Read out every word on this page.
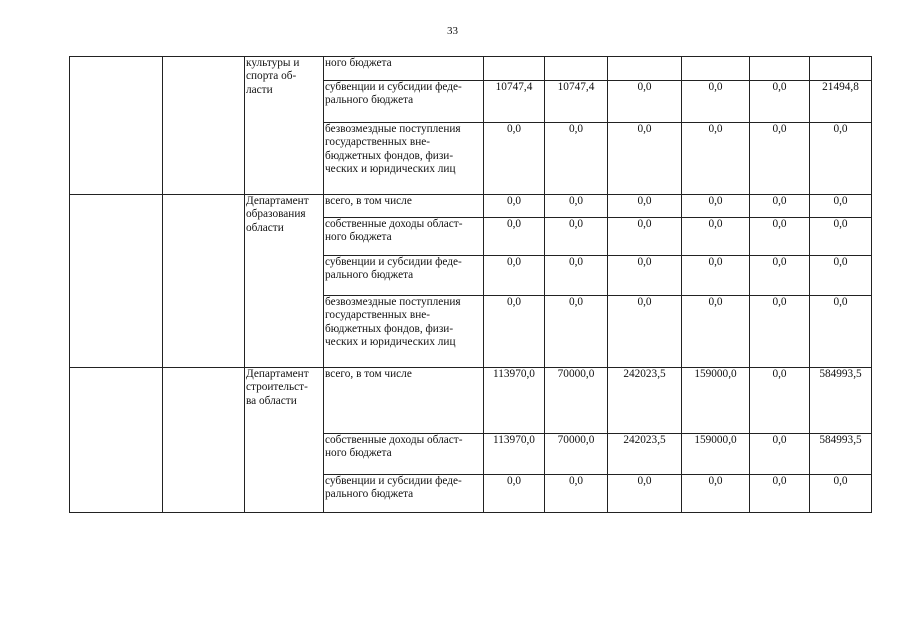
33

		культуры и
спорта об-
ласти	ного бюджета						

			субвенции и субсидии феде-
рального бюджета	10747,4	10747,4	0,0	0,0	0,0	21494,8

			безвозмездные поступления
государственных вне-
бюджетных фондов, физи-
ческих и юридических лиц	0,0	0,0	0,0	0,0	0,0	0,0

		Департамент
образования
области	всего, в том числе	0,0	0,0	0,0	0,0	0,0	0,0

			собственные доходы област-
ного бюджета	0,0	0,0	0,0	0,0	0,0	0,0

			субвенции и субсидии феде-
рального бюджета	0,0	0,0	0,0	0,0	0,0	0,0

			безвозмездные поступления
государственных вне-
бюджетных фондов, физи-
ческих и юридических лиц	0,0	0,0	0,0	0,0	0,0	0,0

		Департамент
строительст-
ва области	всего, в том числе	113970,0	70000,0	242023,5	159000,0	0,0	584993,5

			собственные доходы област-
ного бюджета	113970,0	70000,0	242023,5	159000,0	0,0	584993,5

			субвенции и субсидии феде-
рального бюджета	0,0	0,0	0,0	0,0	0,0	0,0
